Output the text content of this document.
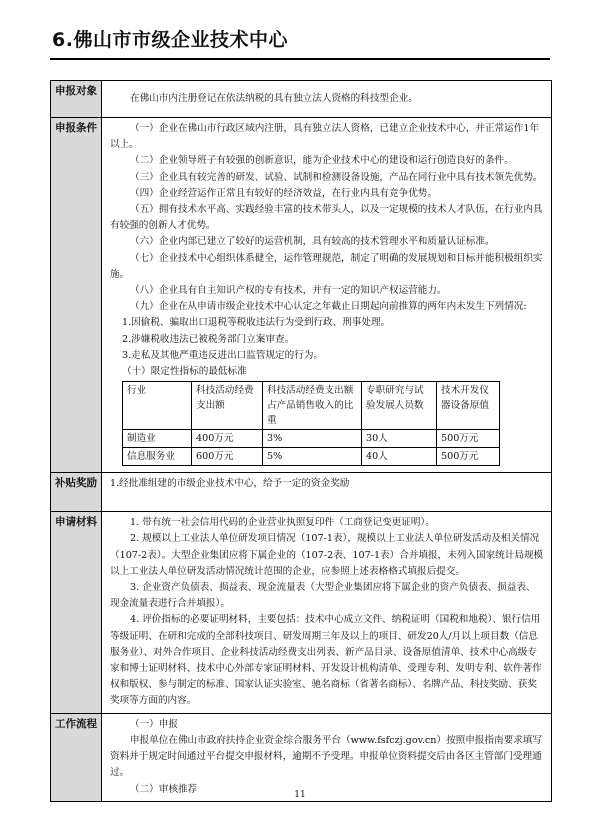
6.佛山市市级企业技术中心
申报对象	

在佛山市内注册登记在依法纳税的具有独立法人资格的科技型企业。

申报条件	（一）企业在佛山市行政区域内注册，具有独立法人资格，已建立企业技术中心，并正常运作1年以上。

（二）企业领导班子有较强的创新意识，能为企业技术中心的建设和运行创造良好的条件。

（三）企业具有较完善的研发、试验、试制和检测设备设施，产品在同行业中具有技术领先优势。

（四）企业经营运作正常且有较好的经济效益，在行业内具有竞争优势。

（五）拥有技术水平高、实践经验丰富的技术带头人，以及一定规模的技术人才队伍，在行业内具有较强的创新人才优势。

（六）企业内部已建立了较好的运营机制，具有较高的技术管理水平和质量认证标准。

（七）企业技术中心组织体系健全，运作管理规范，制定了明确的发展规划和目标并能积极组织实施。

（八）企业具有自主知识产权的专有技术，并有一定的知识产权运营能力。

（九）企业在从申请市级企业技术中心认定之年截止日期起向前推算的两年内未发生下列情况:

1.因偷税、骗取出口退税等税收违法行为受到行政、刑事处理。

2.涉嫌税收违法已被税务部门立案审查。

3.走私及其他严重违反进出口监管规定的行为。

（十）限定性指标的最低标准

行业	科技活动经费支出额	科技活动经费支出额占产品销售收入的比重	专职研究与试验发展人员数	技术开发仪器设备原值
制造业	400万元	3%	30人	500万元
信息服务业	600万元	5%	40人	500万元

补贴奖励	1.经批准组建的市级企业技术中心，给予一定的资金奖励

申请材料	1. 带有统一社会信用代码的企业营业执照复印件（工商登记变更证明）。

2. 规模以上工业法人单位研发项目情况（107-1表），规模以上工业法人单位研发活动及相关情况（107-2表）。大型企业集团应将下属企业的（107-2表、107-1表）合并填报，未列入国家统计局规模以上工业法人单位研发活动情况统计范围的企业，应参照上述表格格式填报后提交。

3. 企业资产负债表、损益表、现金流量表（大型企业集团应将下属企业的资产负债表、损益表、现金流量表进行合并填报）。

4. 评价指标的必要证明材料，主要包括：技术中心成立文件、纳税证明（国税和地税）、银行信用等级证明、在研和完成的全部科技项目、研发周期三年及以上的项目、研发20人/月以上项目数（信息服务业）、对外合作项目、企业科技活动经费支出列表、新产品目录、设备原值清单、技术中心高级专家和博士证明材料、技术中心外部专家证明材料、开发设计机构清单、受理专利、发明专利、软件著作权和版权、参与制定的标准、国家认证实验室、驰名商标（省著名商标）、名牌产品、科技奖励、获奖奖项等方面的内容。

工作流程	（一）申报

申报单位在佛山市政府扶持企业资金综合服务平台（www.fsfczj.gov.cn）按照申报指南要求填写资料并于规定时间通过平台提交申报材料，逾期不予受理。申报单位资料提交后由各区主管部门受理通过。

（二）审核推荐

11
